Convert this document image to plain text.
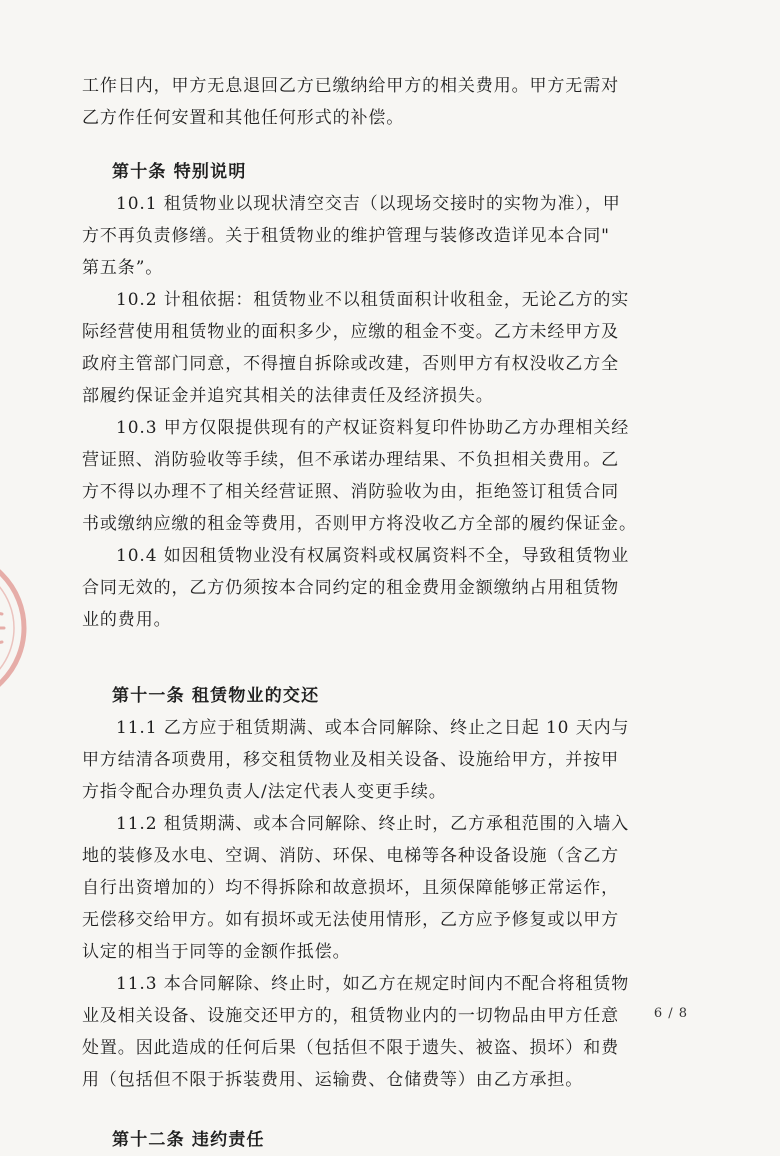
工作日内，甲方无息退回乙方已缴纳给甲方的相关费用。甲方无需对
乙方作任何安置和其他任何形式的补偿。
第十条 特别说明
10.1 租赁物业以现状清空交吉（以现场交接时的实物为准），甲
方不再负责修缮。关于租赁物业的维护管理与装修改造详见本合同"
第五条”。
10.2 计租依据：租赁物业不以租赁面积计收租金，无论乙方的实
际经营使用租赁物业的面积多少，应缴的租金不变。乙方未经甲方及
政府主管部门同意，不得擅自拆除或改建，否则甲方有权没收乙方全
部履约保证金并追究其相关的法律责任及经济损失。
10.3 甲方仅限提供现有的产权证资料复印件协助乙方办理相关经
营证照、消防验收等手续，但不承诺办理结果、不负担相关费用。乙
方不得以办理不了相关经营证照、消防验收为由，拒绝签订租赁合同
书或缴纳应缴的租金等费用，否则甲方将没收乙方全部的履约保证金。
10.4 如因租赁物业没有权属资料或权属资料不全，导致租赁物业
合同无效的，乙方仍须按本合同约定的租金费用金额缴纳占用租赁物
业的费用。
第十一条 租赁物业的交还
11.1 乙方应于租赁期满、或本合同解除、终止之日起 10 天内与
甲方结清各项费用，移交租赁物业及相关设备、设施给甲方，并按甲
方指令配合办理负责人/法定代表人变更手续。
11.2 租赁期满、或本合同解除、终止时，乙方承租范围的入墙入
地的装修及水电、空调、消防、环保、电梯等各种设备设施（含乙方
自行出资增加的）均不得拆除和故意损坏，且须保障能够正常运作，
无偿移交给甲方。如有损坏或无法使用情形，乙方应予修复或以甲方
认定的相当于同等的金额作抵偿。
11.3 本合同解除、终止时，如乙方在规定时间内不配合将租赁物
业及相关设备、设施交还甲方的，租赁物业内的一切物品由甲方任意
处置。因此造成的任何后果（包括但不限于遗失、被盗、损坏）和费
用（包括但不限于拆装费用、运输费、仓储费等）由乙方承担。
第十二条 违约责任
6 / 8
